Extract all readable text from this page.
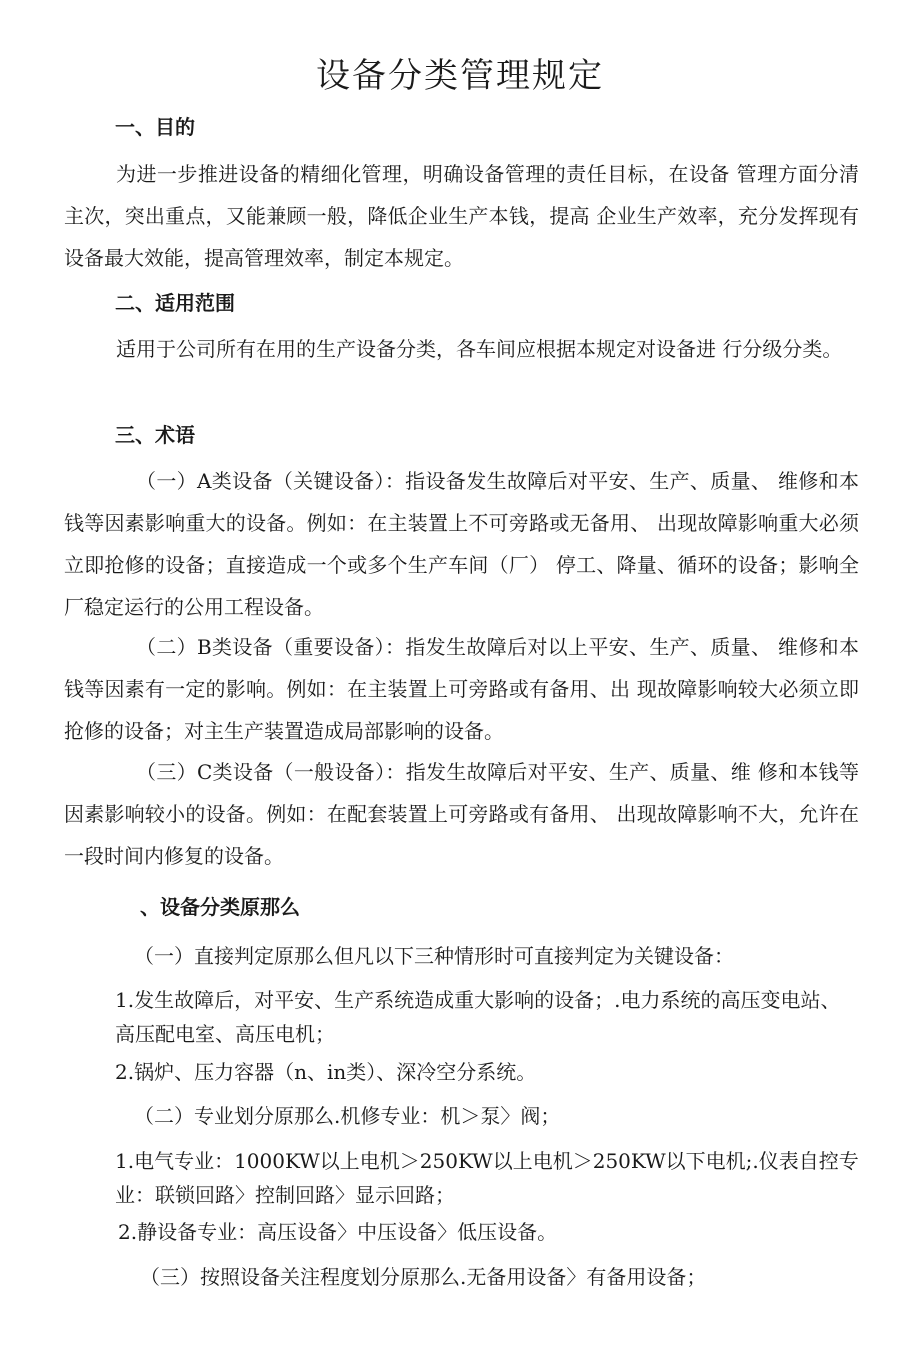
设备分类管理规定
一、目的
为进一步推进设备的精细化管理，明确设备管理的责任目标，在设备 管理方面分清主次，突出重点，又能兼顾一般，降低企业生产本钱，提高 企业生产效率，充分发挥现有设备最大效能，提高管理效率，制定本规定。
二、适用范围
适用于公司所有在用的生产设备分类，各车间应根据本规定对设备进 行分级分类。
三、术语
（一）A类设备（关键设备）：指设备发生故障后对平安、生产、质量、 维修和本钱等因素影响重大的设备。例如：在主装置上不可旁路或无备用、 出现故障影响重大必须立即抢修的设备；直接造成一个或多个生产车间（厂） 停工、降量、循环的设备；影响全厂稳定运行的公用工程设备。
（二）B类设备（重要设备）：指发生故障后对以上平安、生产、质量、 维修和本钱等因素有一定的影响。例如：在主装置上可旁路或有备用、出 现故障影响较大必须立即抢修的设备；对主生产装置造成局部影响的设备。
（三）C类设备（一般设备）：指发生故障后对平安、生产、质量、维 修和本钱等因素影响较小的设备。例如：在配套装置上可旁路或有备用、 出现故障影响不大，允许在一段时间内修复的设备。
、设备分类原那么
（一）直接判定原那么但凡以下三种情形时可直接判定为关键设备：
1.发生故障后，对平安、生产系统造成重大影响的设备；.电力系统的高压变电站、高压配电室、高压电机；
2.锅炉、压力容器（n、in类）、深冷空分系统。
（二）专业划分原那么.机修专业：机＞泵〉阀；
1.电气专业：1000KW以上电机＞250KW以上电机＞250KW以下电机;.仪表自控专业：联锁回路〉控制回路〉显示回路；
2.静设备专业：高压设备〉中压设备〉低压设备。
（三）按照设备关注程度划分原那么.无备用设备〉有备用设备；
